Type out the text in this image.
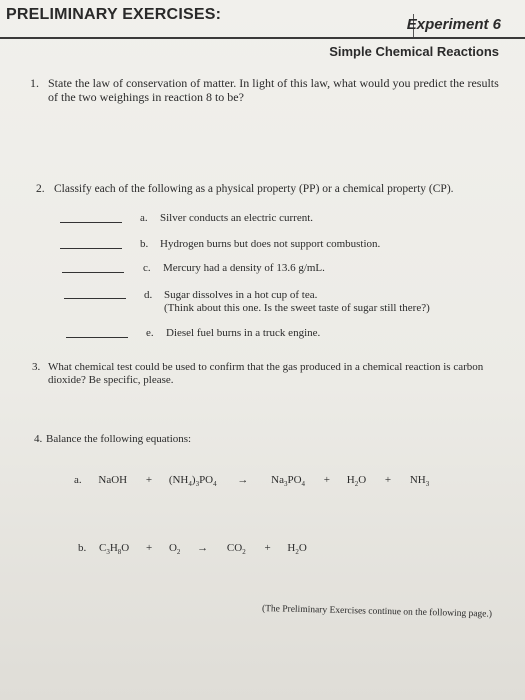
PRELIMINARY EXERCISES:
Experiment 6
Simple Chemical Reactions
1. State the law of conservation of matter. In light of this law, what would you predict the results of the two weighings in reaction 8 to be?
2. Classify each of the following as a physical property (PP) or a chemical property (CP).
a. Silver conducts an electric current.
b. Hydrogen burns but does not support combustion.
c. Mercury had a density of 13.6 g/mL.
d. Sugar dissolves in a hot cup of tea.
(Think about this one. Is the sweet taste of sugar still there?)
e. Diesel fuel burns in a truck engine.
3. What chemical test could be used to confirm that the gas produced in a chemical reaction is carbon dioxide? Be specific, please.
4. Balance the following equations:
a. NaOH + $(NH_4)_3PO_4 \to Na_3PO_4 + H_2O + NH_3$
b. $C_3H_8O + O_2 \to CO_2 + H_2O$
(The Preliminary Exercises continue on the following page.)
